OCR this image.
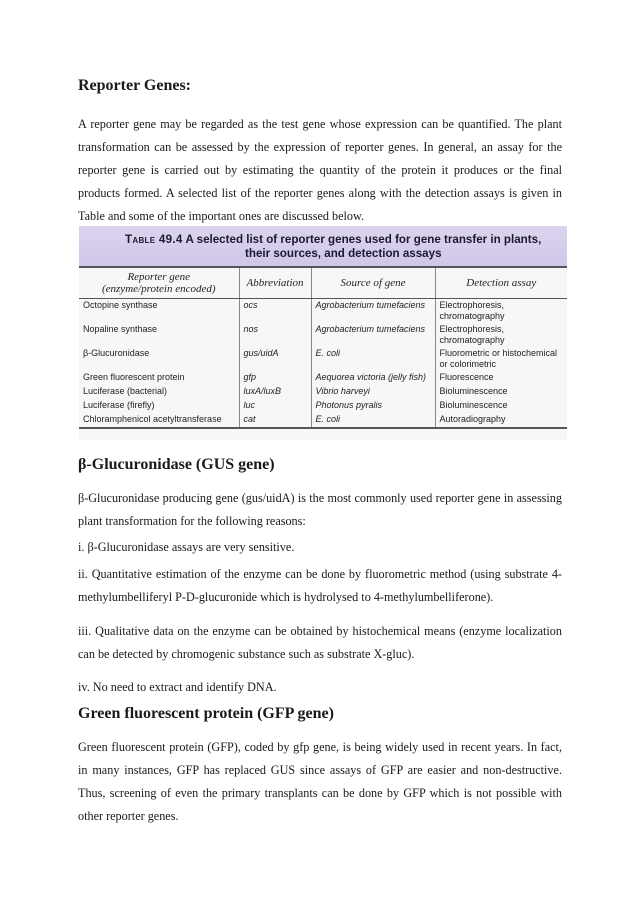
Reporter Genes:

A reporter gene may be regarded as the test gene whose expression can be quantified. The plant transformation can be assessed by the expression of reporter genes. In general, an assay for the reporter gene is carried out by estimating the quantity of the protein it produces or the final products formed. A selected list of the reporter genes along with the detection assays is given in Table and some of the important ones are discussed below.

β-Glucuronidase (GUS gene)

β-Glucuronidase producing gene (gus/uidA) is the most commonly used reporter gene in assessing plant transformation for the following reasons:

i. β-Glucuronidase assays are very sensitive.

ii. Quantitative estimation of the enzyme can be done by fluorometric method (using substrate 4-methylumbelliferyl P-D-glucuronide which is hydrolysed to 4-methylumbelliferone).

iii. Qualitative data on the enzyme can be obtained by histochemical means (enzyme localization can be detected by chromogenic substance such as substrate X-gluc).

iv. No need to extract and identify DNA.

Green fluorescent protein (GFP gene)

Green fluorescent protein (GFP), coded by gfp gene, is being widely used in recent years. In fact, in many instances, GFP has replaced GUS since assays of GFP are easier and non-destructive. Thus, screening of even the primary transplants can be done by GFP which is not possible with other reporter genes.

Table 49.4 A selected list of reporter genes used for gene transfer in plants,
their sources, and detection assays
Reporter gene
(enzyme/protein encoded)	Abbreviation	Source of gene	Detection assay
Octopine synthase	ocs	Agrobacterium tumefaciens	Electrophoresis,
chromatography
Nopaline synthase	nos	Agrobacterium tumefaciens	Electrophoresis,
chromatography
β-Glucuronidase	gus/uidA	E. coli	Fluorometric or histochemical
or colorimetric
Green fluorescent protein	gfp	Aequorea victoria (jelly fish)	Fluorescence
Luciferase (bacterial)	luxA/luxB	Vibrio harveyi	Bioluminescence
Luciferase (firefly)	luc	Photonus pyralis	Bioluminescence
Chloramphenicol acetyltransferase	cat	E. coli	Autoradiography
